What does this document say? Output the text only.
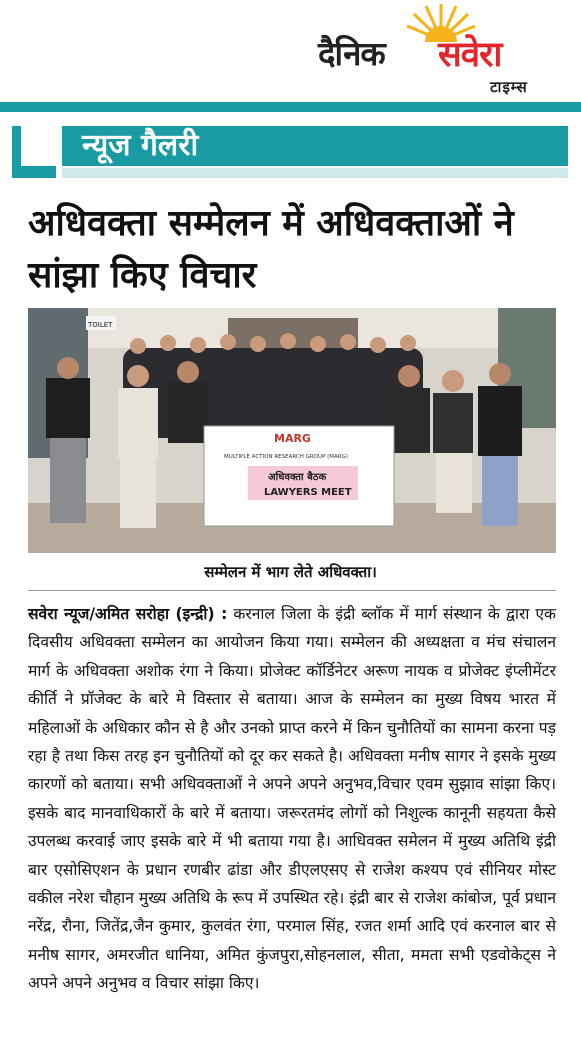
दैनिक सवेरा
टाइम्स
न्यूज गैलरी
अधिवक्ता सम्मेलन में अधिवक्ताओं ने सांझा किए विचार
TOILET
MARG
MULTIPLE ACTION RESEARCH GROUP (MARG)
अधिवक्ता बैठक
LAWYERS MEET
सम्मेलन में भाग लेते अधिवक्ता।

सवेरा न्यूज/अमित सरोहा (इन्द्री) : करनाल जिला के इंद्री ब्लॉक में मार्ग संस्थान के द्वारा एक दिवसीय अधिवक्ता सम्मेलन का आयोजन किया गया। सम्मेलन की अध्यक्षता व मंच संचालन मार्ग के अधिवक्ता अशोक रंगा ने किया। प्रोजेक्ट कॉर्डिनेटर अरूण नायक व प्रोजेक्ट इंप्लीमेंटर कीर्ति ने प्रॉजेक्ट के बारे मे विस्तार से बताया। आज के सम्मेलन का मुख्य विषय भारत में महिलाओं के अधिकार कौन से है और उनको प्राप्त करने में किन चुनौतियों का सामना करना पड़ रहा है तथा किस तरह इन चुनौतियों को दूर कर सकते है। अधिवक्ता मनीष सागर ने इसके मुख्य कारणों को बताया। सभी अधिवक्ताओं ने अपने अपने अनुभव,विचार एवम सुझाव सांझा किए। इसके बाद मानवाधिकारों के बारे में बताया। जरूरतमंद लोगों को निशुल्क कानूनी सहयता कैसे उपलब्ध करवाई जाए इसके बारे में भी बताया गया है। आधिवक्त समेलन में मुख्य अतिथि इंद्री बार एसोसिएशन के प्रधान रणबीर ढांडा और डीएलएसए से राजेश कश्यप एवं सीनियर मोस्ट वकील नरेश चौहान मुख्य अतिथि के रूप में उपस्थित रहे। इंद्री बार से राजेश कांबोज, पूर्व प्रधान नरेंद्र, रौना, जितेंद्र,जैन कुमार, कुलवंत रंगा, परमाल सिंह, रजत शर्मा आदि एवं करनाल बार से मनीष सागर, अमरजीत धानिया, अमित कुंजपुरा,सोहनलाल, सीता, ममता सभी एडवोकेट्स ने अपने अपने अनुभव व विचार सांझा किए।
